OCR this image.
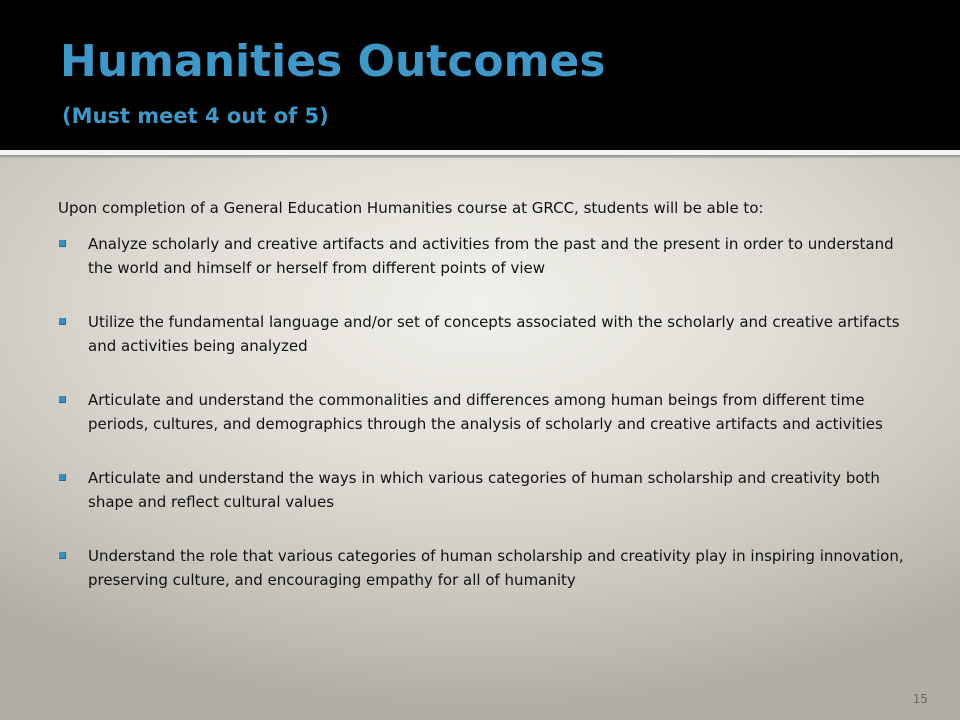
Humanities Outcomes
(Must meet 4 out of 5)

Upon completion of a General Education Humanities course at GRCC, students will be able to:

Analyze scholarly and creative artifacts and activities from the past and the present in order to understand the world and himself or herself from different points of view
Utilize the fundamental language and/or set of concepts associated with the scholarly and creative artifacts and activities being analyzed
Articulate and understand the commonalities and differences among human beings from different time periods, cultures, and demographics through the analysis of scholarly and creative artifacts and activities
Articulate and understand the ways in which various categories of human scholarship and creativity both shape and reflect cultural values
Understand the role that various categories of human scholarship and creativity play in inspiring innovation, preserving culture, and encouraging empathy for all of humanity
15
